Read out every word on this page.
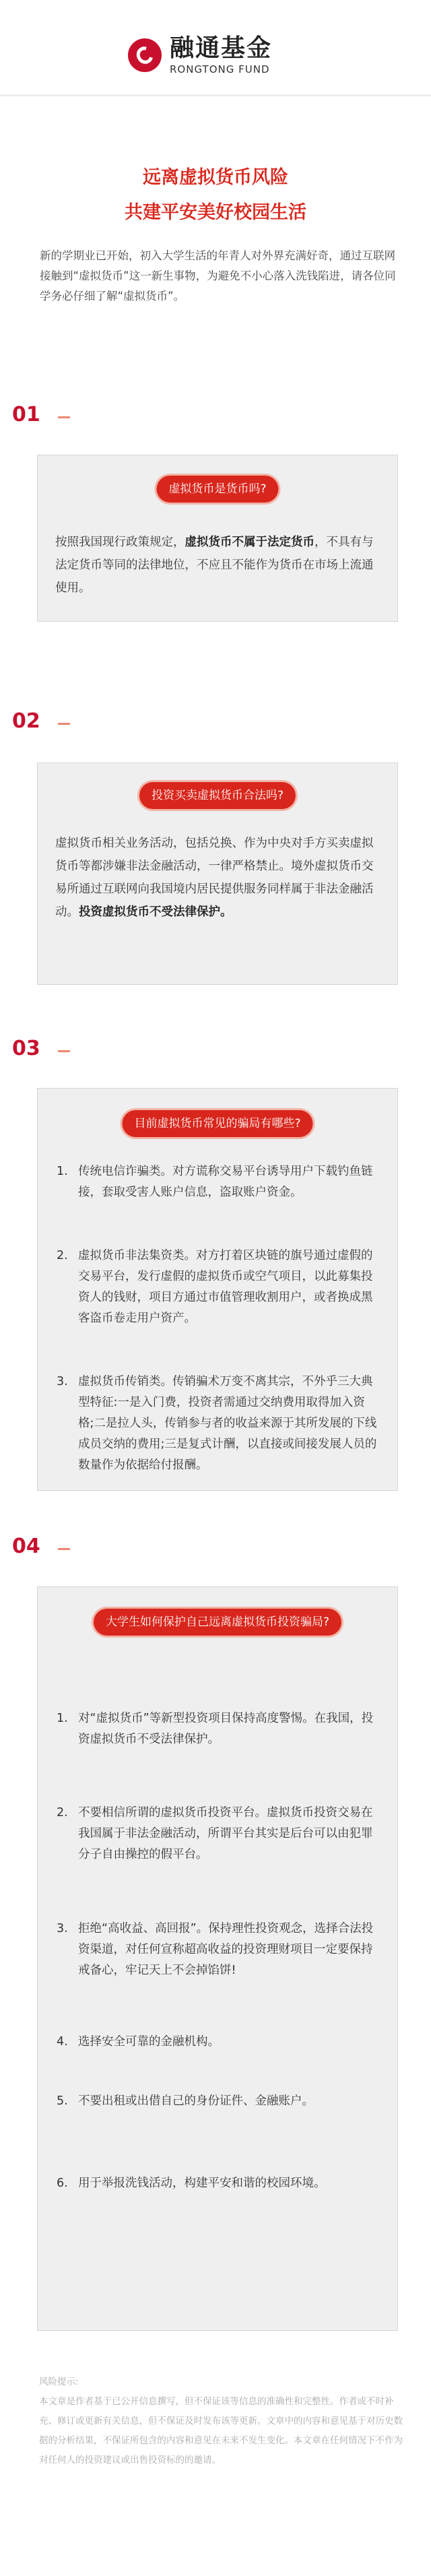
融通基金
RONGTONG FUND
远离虚拟货币风险
共建平安美好校园生活
新的学期业已开始，初入大学生活的年青人对外界充满好奇，通过互联网接触到“虚拟货币”这一新生事物，为避免不小心落入洗钱陷进，请各位同学务必仔细了解“虚拟货币”。
01
虚拟货币是货币吗?
按照我国现行政策规定，虚拟货币不属于法定货币，不具有与法定货币等同的法律地位，不应且不能作为货币在市场上流通使用。
02
投资买卖虚拟货币合法吗?
虚拟货币相关业务活动，包括兑换、作为中央对手方买卖虚拟货币等都涉嫌非法金融活动，一律严格禁止。境外虚拟货币交易所通过互联网向我国境内居民提供服务同样属于非法金融活动。投资虚拟货币不受法律保护。
03
目前虚拟货币常见的骗局有哪些?
1. 传统电信诈骗类。对方谎称交易平台诱导用户下载钓鱼链接，套取受害人账户信息，盗取账户资金。
2. 虚拟货币非法集资类。对方打着区块链的旗号通过虚假的交易平台，发行虚假的虚拟货币或空气项目，以此募集投资人的钱财，项目方通过市值管理收割用户，或者换成黑客盗币卷走用户资产。
3. 虚拟货币传销类。传销骗术万变不离其宗，不外乎三大典型特征:一是入门费，投资者需通过交纳费用取得加入资格;二是拉人头，传销参与者的收益来源于其所发展的下线成员交纳的费用;三是复式计酬，以直接或间接发展人员的数量作为依据给付报酬。
04
大学生如何保护自己远离虚拟货币投资骗局?
1. 对“虚拟货币”等新型投资项目保持高度警惕。在我国，投资虚拟货币不受法律保护。
2. 不要相信所谓的虚拟货币投资平台。虚拟货币投资交易在我国属于非法金融活动，所谓平台其实是后台可以由犯罪分子自由操控的假平台。
3. 拒绝“高收益、高回报”。保持理性投资观念，选择合法投资渠道，对任何宣称超高收益的投资理财项目一定要保持戒备心，牢记天上不会掉馅饼!
4. 选择安全可靠的金融机构。
5. 不要出租或出借自己的身份证件、金融账户。
6. 用于举报洗钱活动，构建平安和谐的校园环境。
风险提示:
本文章是作者基于已公开信息撰写，但不保证该等信息的准确性和完整性。作者或不时补充、修订或更新有关信息，但不保证及时发布该等更新。文章中的内容和意见基于对历史数据的分析结果，不保证所包含的内容和意见在未来不发生变化。本文章在任何情况下不作为对任何人的投资建议或出售投资标的的邀请。
